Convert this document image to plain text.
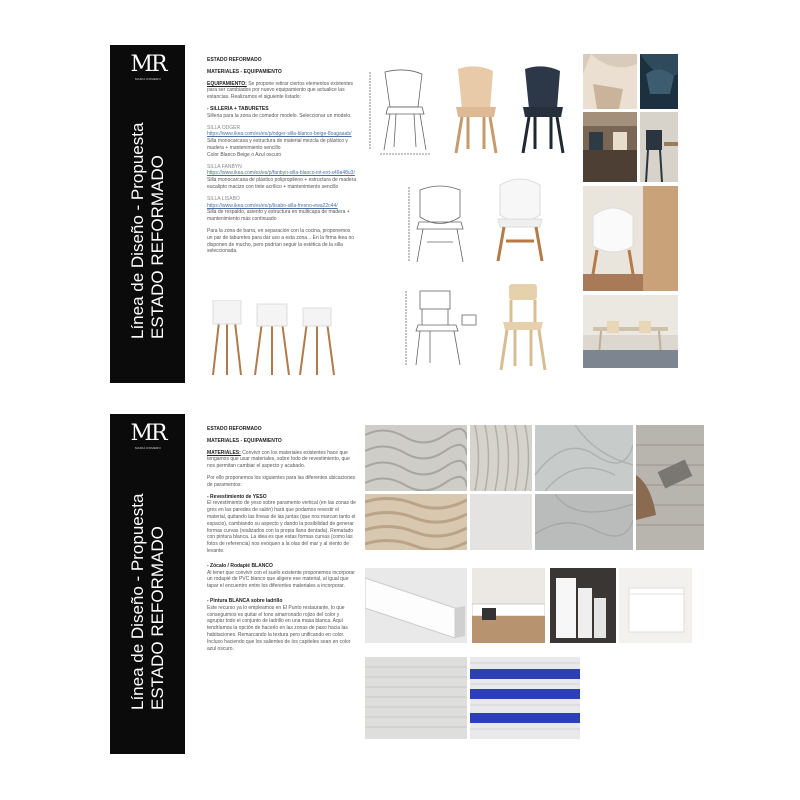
MR
MARIA ROMERO
Línea de Diseño - Propuesta ESTADO REFORMADO
ESTADO REFORMADO
MATERIALES - EQUIPAMIENTO

EQUIPAMIENTO: Se propone retirar ciertos elementos existentes para ser cambiados por nuevo equipamiento que actualice las estancias. Realizamos el siguiente listado:

- SILLERIA + TABURETES

Silleria para la zona de comedor modelo. Seleccionar un modelo.

SILLA ODGER
https://www.ikea.com/es/es/p/odger-silla-blanco-beige-8oagaaab/
Silla monocarcasa y estructura de material mezcla de plástico y madera + mantenimiento sencillo

Color Blanco Beige o Azul oscuro

SILLA FANBYN
https://www.ikea.com/es/es/p/fanbyn-silla-blanco-int-ext-s49a48u3/

Silla monocarcasa de plástico polipropileno + estructura de madera eucalipto macizo con tinte acrílico + mantenimiento sencillo

SILLA LISABO
https://www.ikea.com/es/es/p/lisabo-silla-fresno-ewa22c44/

Silla de respaldo, asiento y estructura en multicapa de madera + mantenimiento más continuado

Para la zona de barra, en separación con la cocina, proponemos un par de taburetes para dar uso a esta zona... En la firma ikea no disponen de mucho, pero podrían seguir la estética de la silla seleccionada.

MR
MARIA ROMERO
Línea de Diseño - Propuesta ESTADO REFORMADO
ESTADO REFORMADO
MATERIALES - EQUIPAMIENTO

MATERIALES: Convivir con los materiales existentes hace que tengamos que usar materiales, sobre todo de revestimiento, que nos permitan cambiar el aspecto y acabado.

Por ello proponemos los siguientes para las diferentes ubicaciones de paramentos:

- Revestimiento de YESO

El revestimiento de yeso sobre paramento vertical (en las zonas de gres en las paredes de salón) hará que podamos revestir el material, quitando las líneas de las juntas (que nos marcan tanto el espacio), cambiando su aspecto y dando la posibilidad de generar formas curvas (realizados con la propia llana dentada). Rematado con pintura blanca. La idea es que estas formas curvas (como las fotos de referencia) nos evoquen a la olas del mar y al viento de levante.

- Zócalo / Rodapié BLANCO

Al tener que convivir con el suelo existente proponemos incorporar un rodapié de PVC blanco que aligere ese material, al igual que tapar el encuentro entre los diferentes materiales a incorporar.

- Pintura BLANCA sobre ladrillo

Este recurso ya lo empleamos en El Punto restaurante, lo que conseguimos es quitar el tono amarronado rojizo del color y agrupar todo el conjunto de ladrillo en una masa blanca. Aquí tendríamos la opción de hacerlo en las zonas de paso hacia las habitaciones. Remarcando la textura pero unificando en color. Incluso haciendo que los salientes de los capiteles sean en color azul oscuro.
